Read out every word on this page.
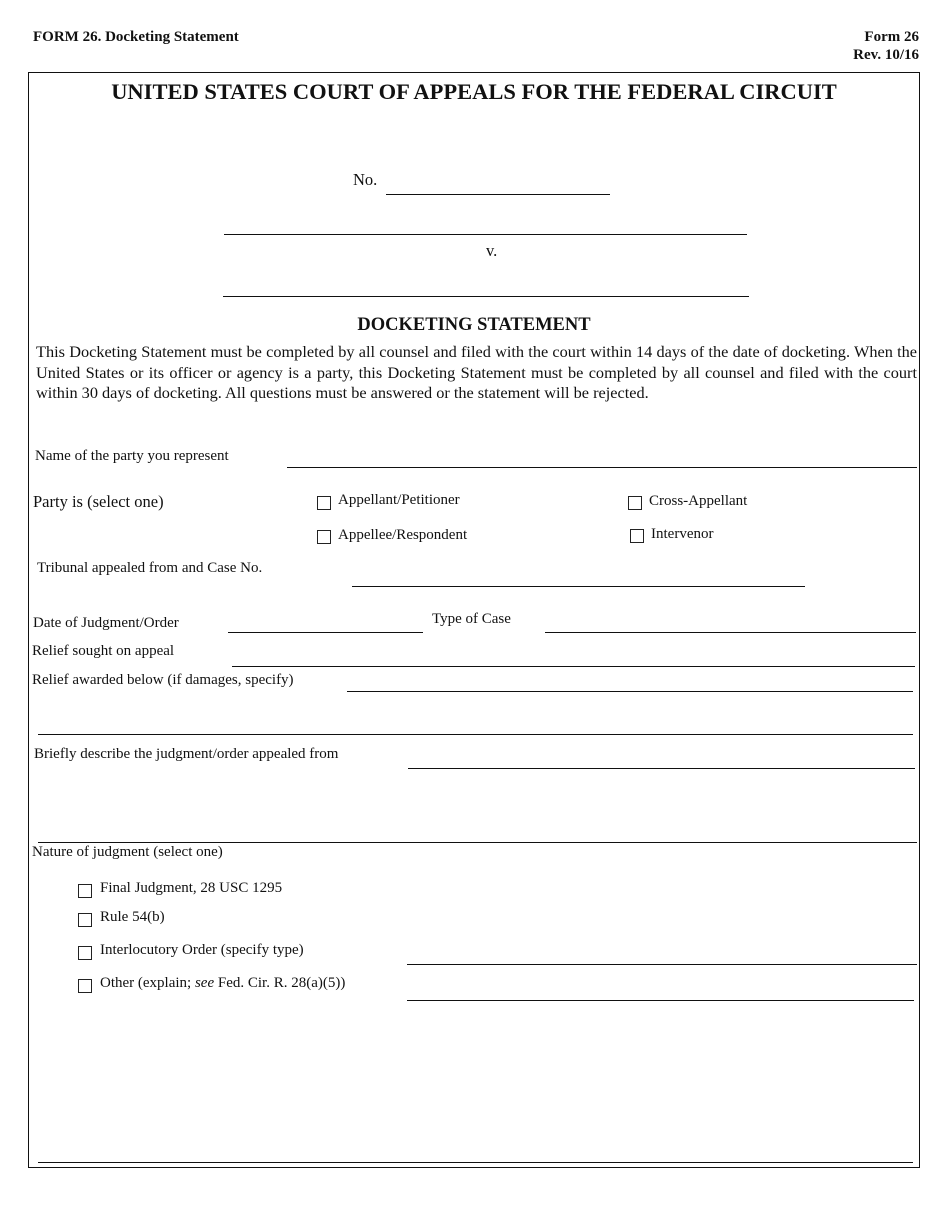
FORM 26. Docketing Statement	Form 26
Rev. 10/16
UNITED STATES COURT OF APPEALS FOR THE FEDERAL CIRCUIT
No.
v.
DOCKETING STATEMENT
This Docketing Statement must be completed by all counsel and filed with the court within 14 days of the date of docketing. When the United States or its officer or agency is a party, this Docketing Statement must be completed by all counsel and filed with the court within 30 days of docketing. All questions must be answered or the statement will be rejected.
Name of the party you represent
Party is (select one)	Appellant/Petitioner	Cross-Appellant
Appellee/Respondent	Intervenor
Tribunal appealed from and Case No.
Date of Judgment/Order	Type of Case
Relief sought on appeal
Relief awarded below (if damages, specify)
Briefly describe the judgment/order appealed from
Nature of judgment (select one)
Final Judgment, 28 USC 1295
Rule 54(b)
Interlocutory Order (specify type)
Other (explain; see Fed. Cir. R. 28(a)(5))
